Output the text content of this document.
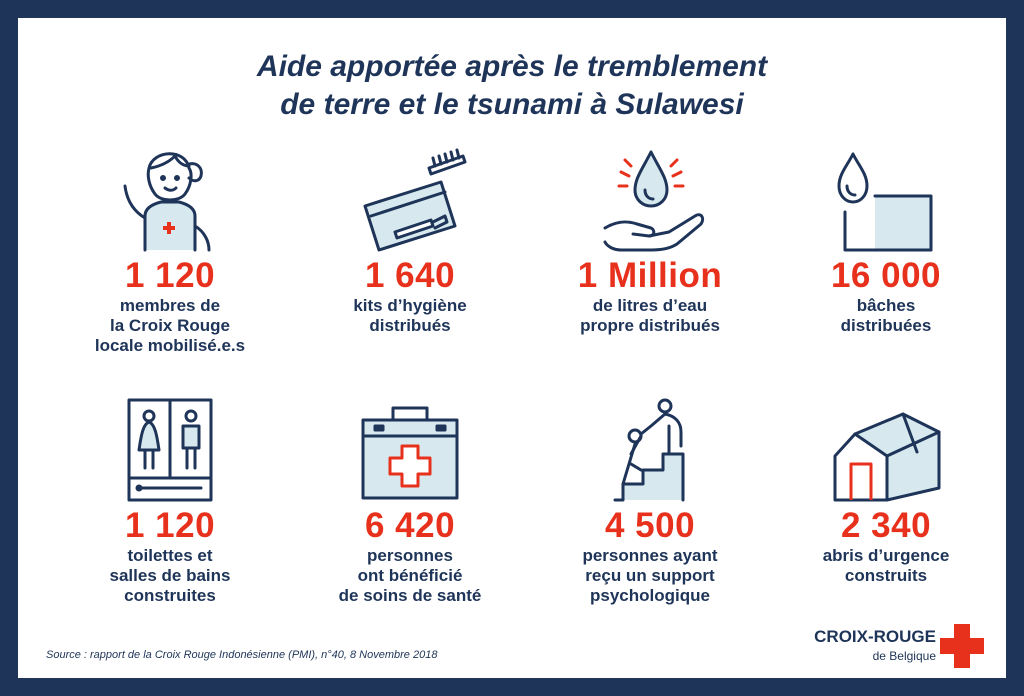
Aide apportée après le tremblement
de terre et le tsunami à Sulawesi
1 120
membres de
la Croix Rouge
locale mobilisé.e.s
1 640
kits d’hygiène
distribués
1 Million
de litres d’eau
propre distribués
16 000
bâches
distribuées
1 120
toilettes et
salles de bains
construites
6 420
personnes
ont bénéficié
de soins de santé
4 500
personnes ayant
reçu un support
psychologique
2 340
abris d’urgence
construits
Source : rapport de la Croix Rouge Indonésienne (PMI), n°40, 8 Novembre 2018
CROIX-ROUGE
de Belgique
